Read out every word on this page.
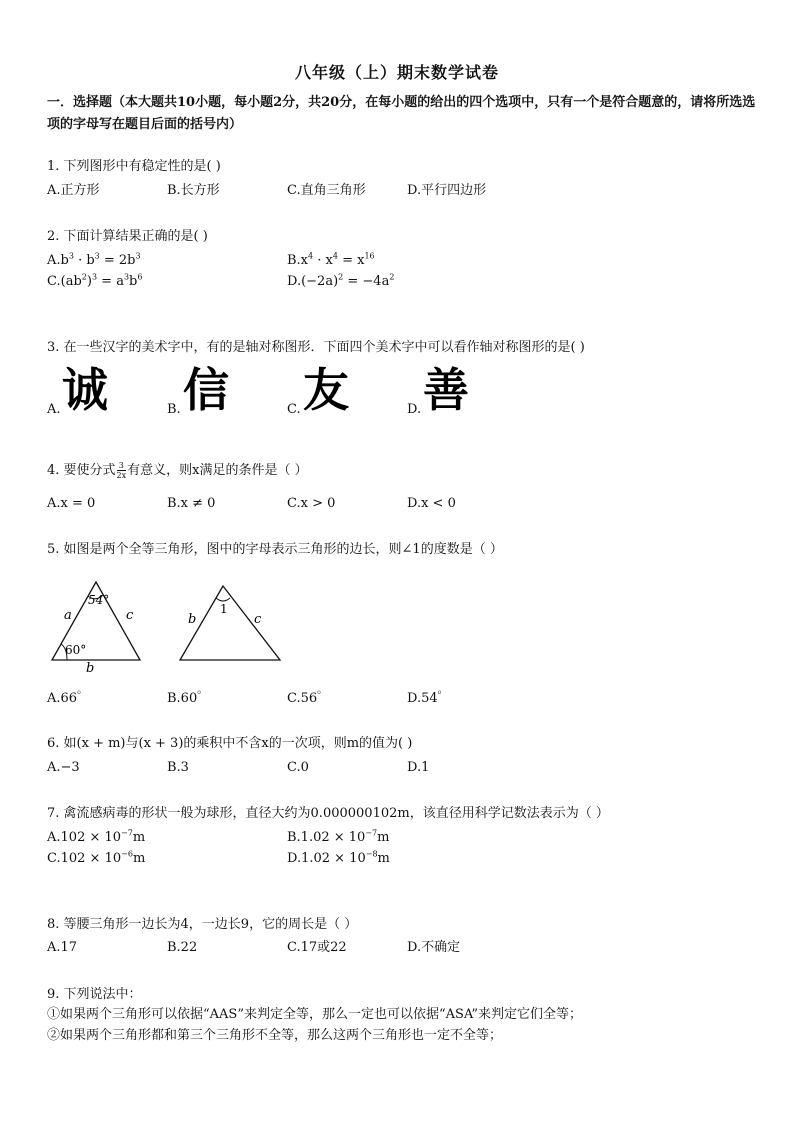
八年级（上）期末数学试卷
一．选择题（本大题共10小题，每小题2分，共20分，在每小题的给出的四个选项中，只有一个是符合题意的，请将所选选项的字母写在题目后面的括号内）
1. 下列图形中有稳定性的是( )
A.正方形	B.长方形	C.直角三角形	D.平行四边形
2. 下面计算结果正确的是( )
$A.b^3 \cdot b^3 = 2b^3$	$B.x^4 \cdot x^4 = x^{16}$
$C.(ab^2)^3 = a^3b^6$	$D.(-2a)^2 = -4a^2$
3. 在一些汉字的美术字中，有的是轴对称图形．下面四个美术字中可以看作轴对称图形的是( )
A. 诚	B. 信	C. 友	D. 善
4. 要使分式 $\frac{3}{2x}$ 有意义，则x满足的条件是（ ）
A.x = 0	B.x ≠ 0	C.x > 0	D.x < 0
5. 如图是两个全等三角形，图中的字母表示三角形的边长，则∠1的度数是（ ）
54°
60°
a
b
c	1
b	c
A.66゜	B.60゜	C.56゜	D.54゜
6. 如(x + m)与(x + 3)的乘积中不含x的一次项，则m的值为( )
A.−3	B.3	C.0	D.1
7. 禽流感病毒的形状一般为球形，直径大约为0.000000102m，该直径用科学记数法表示为（ ）
$A.102 \times 10^{-7}m$	$B.1.02 \times 10^{-7}m$
$C.102 \times 10^{-6}m$	$D.1.02 \times 10^{-8}m$
8. 等腰三角形一边长为4，一边长9，它的周长是（ ）
A.17	B.22	C.17或22	D.不确定
9. 下列说法中：
①如果两个三角形可以依据“AAS”来判定全等，那么一定也可以依据“ASA”来判定它们全等；
②如果两个三角形都和第三个三角形不全等，那么这两个三角形也一定不全等；
